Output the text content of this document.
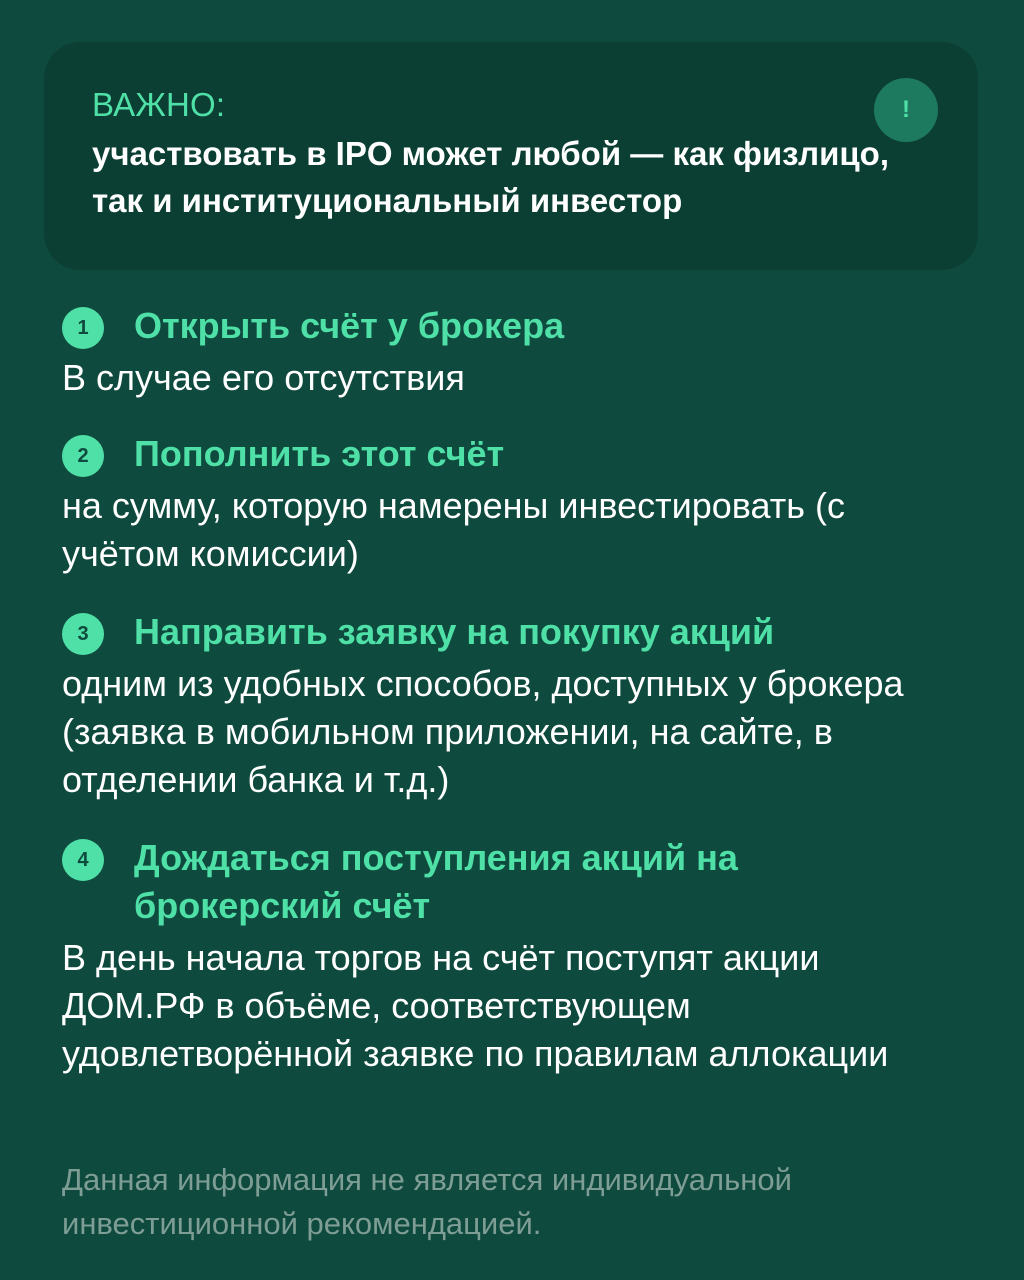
ВАЖНО:
участвовать в IPO может любой — как физлицо, так и институциональный инвестор
!
1	Открыть счёт у брокера
В случае его отсутствия
2	Пополнить этот счёт
на сумму, которую намерены инвестировать (с учётом комиссии)
3	Направить заявку на покупку акций
одним из удобных способов, доступных у брокера (заявка в мобильном приложении, на сайте, в отделении банка и т.д.)
4	Дождаться поступления акций на брокерский счёт
В день начала торгов на счёт поступят акции ДОМ.РФ в объёме, соответствующем удовлетворённой заявке по правилам аллокации
Данная информация не является индивидуальной инвестиционной рекомендацией.
